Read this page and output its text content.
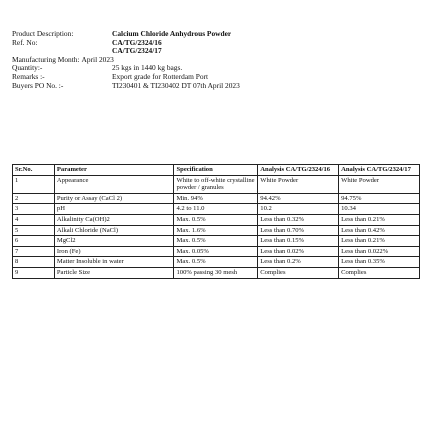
Product Description:	Calcium Chloride Anhydrous Powder
Ref. No:	CA/TG/2324/16
CA/TG/2324/17
Manufacturing Month: April 2023
Quantity:-	25 kgs in 1440 kg bags.
Remarks :-	Export grade for Rotterdam Port
Buyers PO No. :-	TI230401 & TI230402 DT 07th April 2023
Sr.No.	Parameter	Specification	Analysis CA/TG/2324/16	Analysis CA/TG/2324/17
1	Appearance	White to off-white crystalline powder / granules	White Powder	White Powder
2	Purity or Assay (CaCl 2)	Min. 94%	94.42%	94.75%
3	pH	4.2 to 11.0	10.2	10.34
4	Alkalinity Ca(OH)2	Max. 0.5%	Less than 0.32%	Less than 0.21%
5	Alkali Chloride (NaCl)	Max. 1.6%	Less than 0.70%	Less than 0.42%
6	MgCl2	Max. 0.5%	Less than 0.15%	Less than 0.21%
7	Iron (Fe)	Max. 0.05%	Less than 0.02%	Less than 0.022%
8	Matter Insoluble in water	Max. 0.5%	Less than 0.2%	Less than 0.35%
9	Particle Size	100% passing 30 mesh	Complies	Complies
